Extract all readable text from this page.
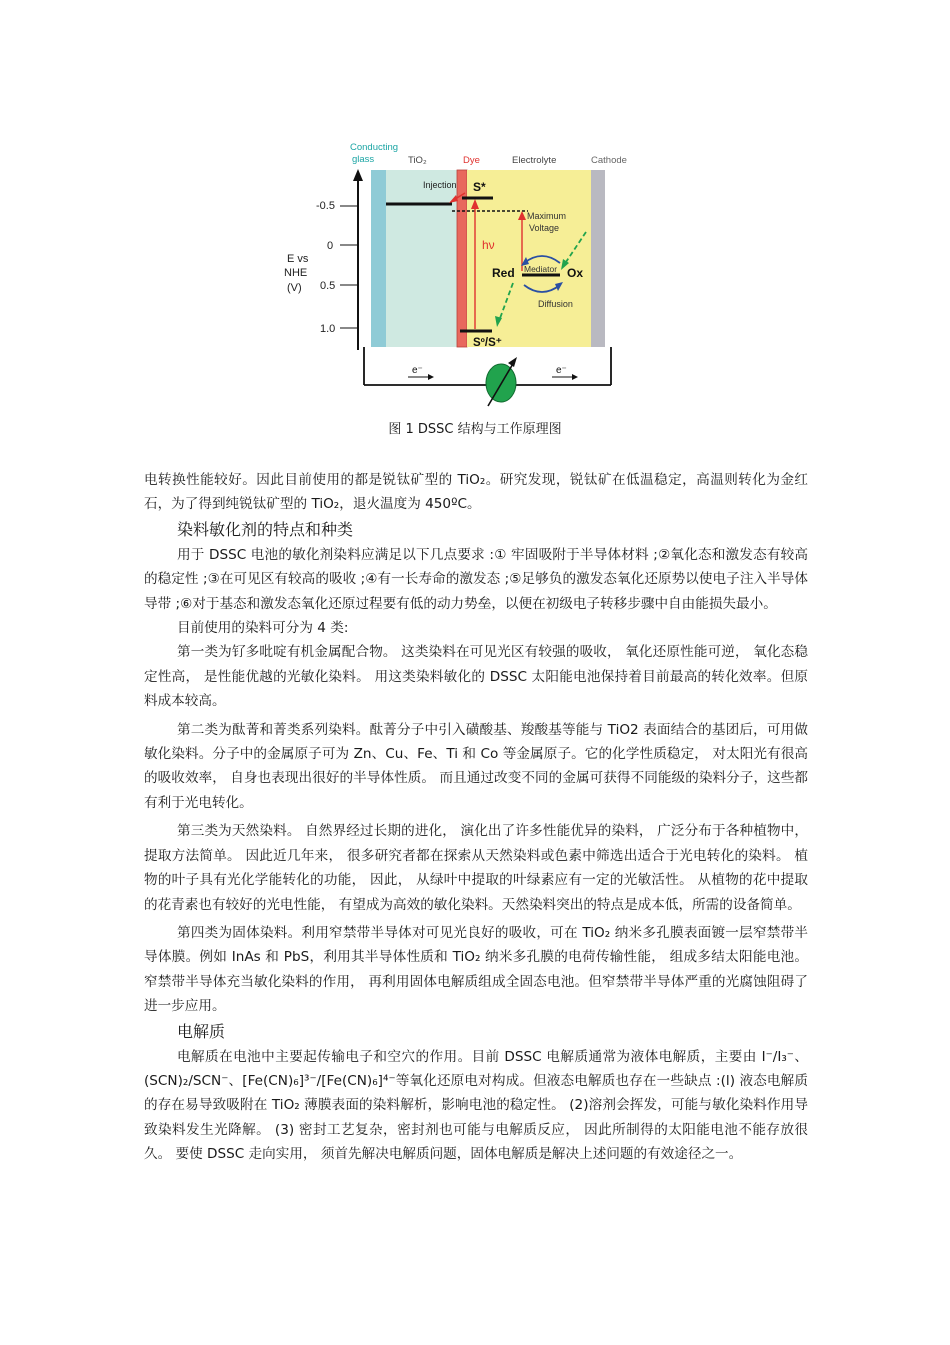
Conducting
glass	TiO₂	Dye	Electrolyte	Cathode
-0.5
0
0.5
1.0
E vs
NHE
(V)
Injection S*
hν
Maximum
Voltage
Red Mediator Ox
Diffusion
Sº/S⁺
e⁻	e⁻
图 1 DSSC 结构与工作原理图

电转换性能较好。因此目前使用的都是锐钛矿型的 TiO₂。研究发现，锐钛矿在低温稳定，高温则转化为金红石，为了得到纯锐钛矿型的 TiO₂，退火温度为 450ºC。

染料敏化剂的特点和种类

用于 DSSC 电池的敏化剂染料应满足以下几点要求 :① 牢固吸附于半导体材料 ;②氧化态和激发态有较高的稳定性 ;③在可见区有较高的吸收 ;④有一长寿命的激发态 ;⑤足够负的激发态氧化还原势以使电子注入半导体导带 ;⑥对于基态和激发态氧化还原过程要有低的动力势垒，以便在初级电子转移步骤中自由能损失最小。

目前使用的染料可分为 4 类:

第一类为钌多吡啶有机金属配合物。 这类染料在可见光区有较强的吸收， 氧化还原性能可逆， 氧化态稳定性高， 是性能优越的光敏化染料。 用这类染料敏化的 DSSC 太阳能电池保持着目前最高的转化效率。但原料成本较高。

第二类为酞菁和菁类系列染料。酞菁分子中引入磺酸基、羧酸基等能与 TiO2 表面结合的基团后，可用做敏化染料。分子中的金属原子可为 Zn、Cu、Fe、Ti 和 Co 等金属原子。它的化学性质稳定， 对太阳光有很高的吸收效率， 自身也表现出很好的半导体性质。 而且通过改变不同的金属可获得不同能级的染料分子，这些都有利于光电转化。

第三类为天然染料。 自然界经过长期的进化， 演化出了许多性能优异的染料， 广泛分布于各种植物中， 提取方法简单。 因此近几年来， 很多研究者都在探索从天然染料或色素中筛选出适合于光电转化的染料。 植物的叶子具有光化学能转化的功能， 因此， 从绿叶中提取的叶绿素应有一定的光敏活性。 从植物的花中提取的花青素也有较好的光电性能， 有望成为高效的敏化染料。天然染料突出的特点是成本低，所需的设备简单。

第四类为固体染料。利用窄禁带半导体对可见光良好的吸收，可在 TiO₂ 纳米多孔膜表面镀一层窄禁带半导体膜。例如 InAs 和 PbS，利用其半导体性质和 TiO₂ 纳米多孔膜的电荷传输性能， 组成多结太阳能电池。 窄禁带半导体充当敏化染料的作用， 再利用固体电解质组成全固态电池。但窄禁带半导体严重的光腐蚀阻碍了进一步应用。

电解质

电解质在电池中主要起传输电子和空穴的作用。目前 DSSC 电解质通常为液体电解质，主要由 I⁻/I₃⁻、(SCN)₂/SCN⁻、[Fe(CN)₆]³⁻/[Fe(CN)₆]⁴⁻等氧化还原电对构成。但液态电解质也存在一些缺点 :(l) 液态电解质的存在易导致吸附在 TiO₂ 薄膜表面的染料解析，影响电池的稳定性。 (2)溶剂会挥发，可能与敏化染料作用导致染料发生光降解。 (3) 密封工艺复杂，密封剂也可能与电解质反应， 因此所制得的太阳能电池不能存放很久。 要使 DSSC 走向实用， 须首先解决电解质问题，固体电解质是解决上述问题的有效途径之一。
